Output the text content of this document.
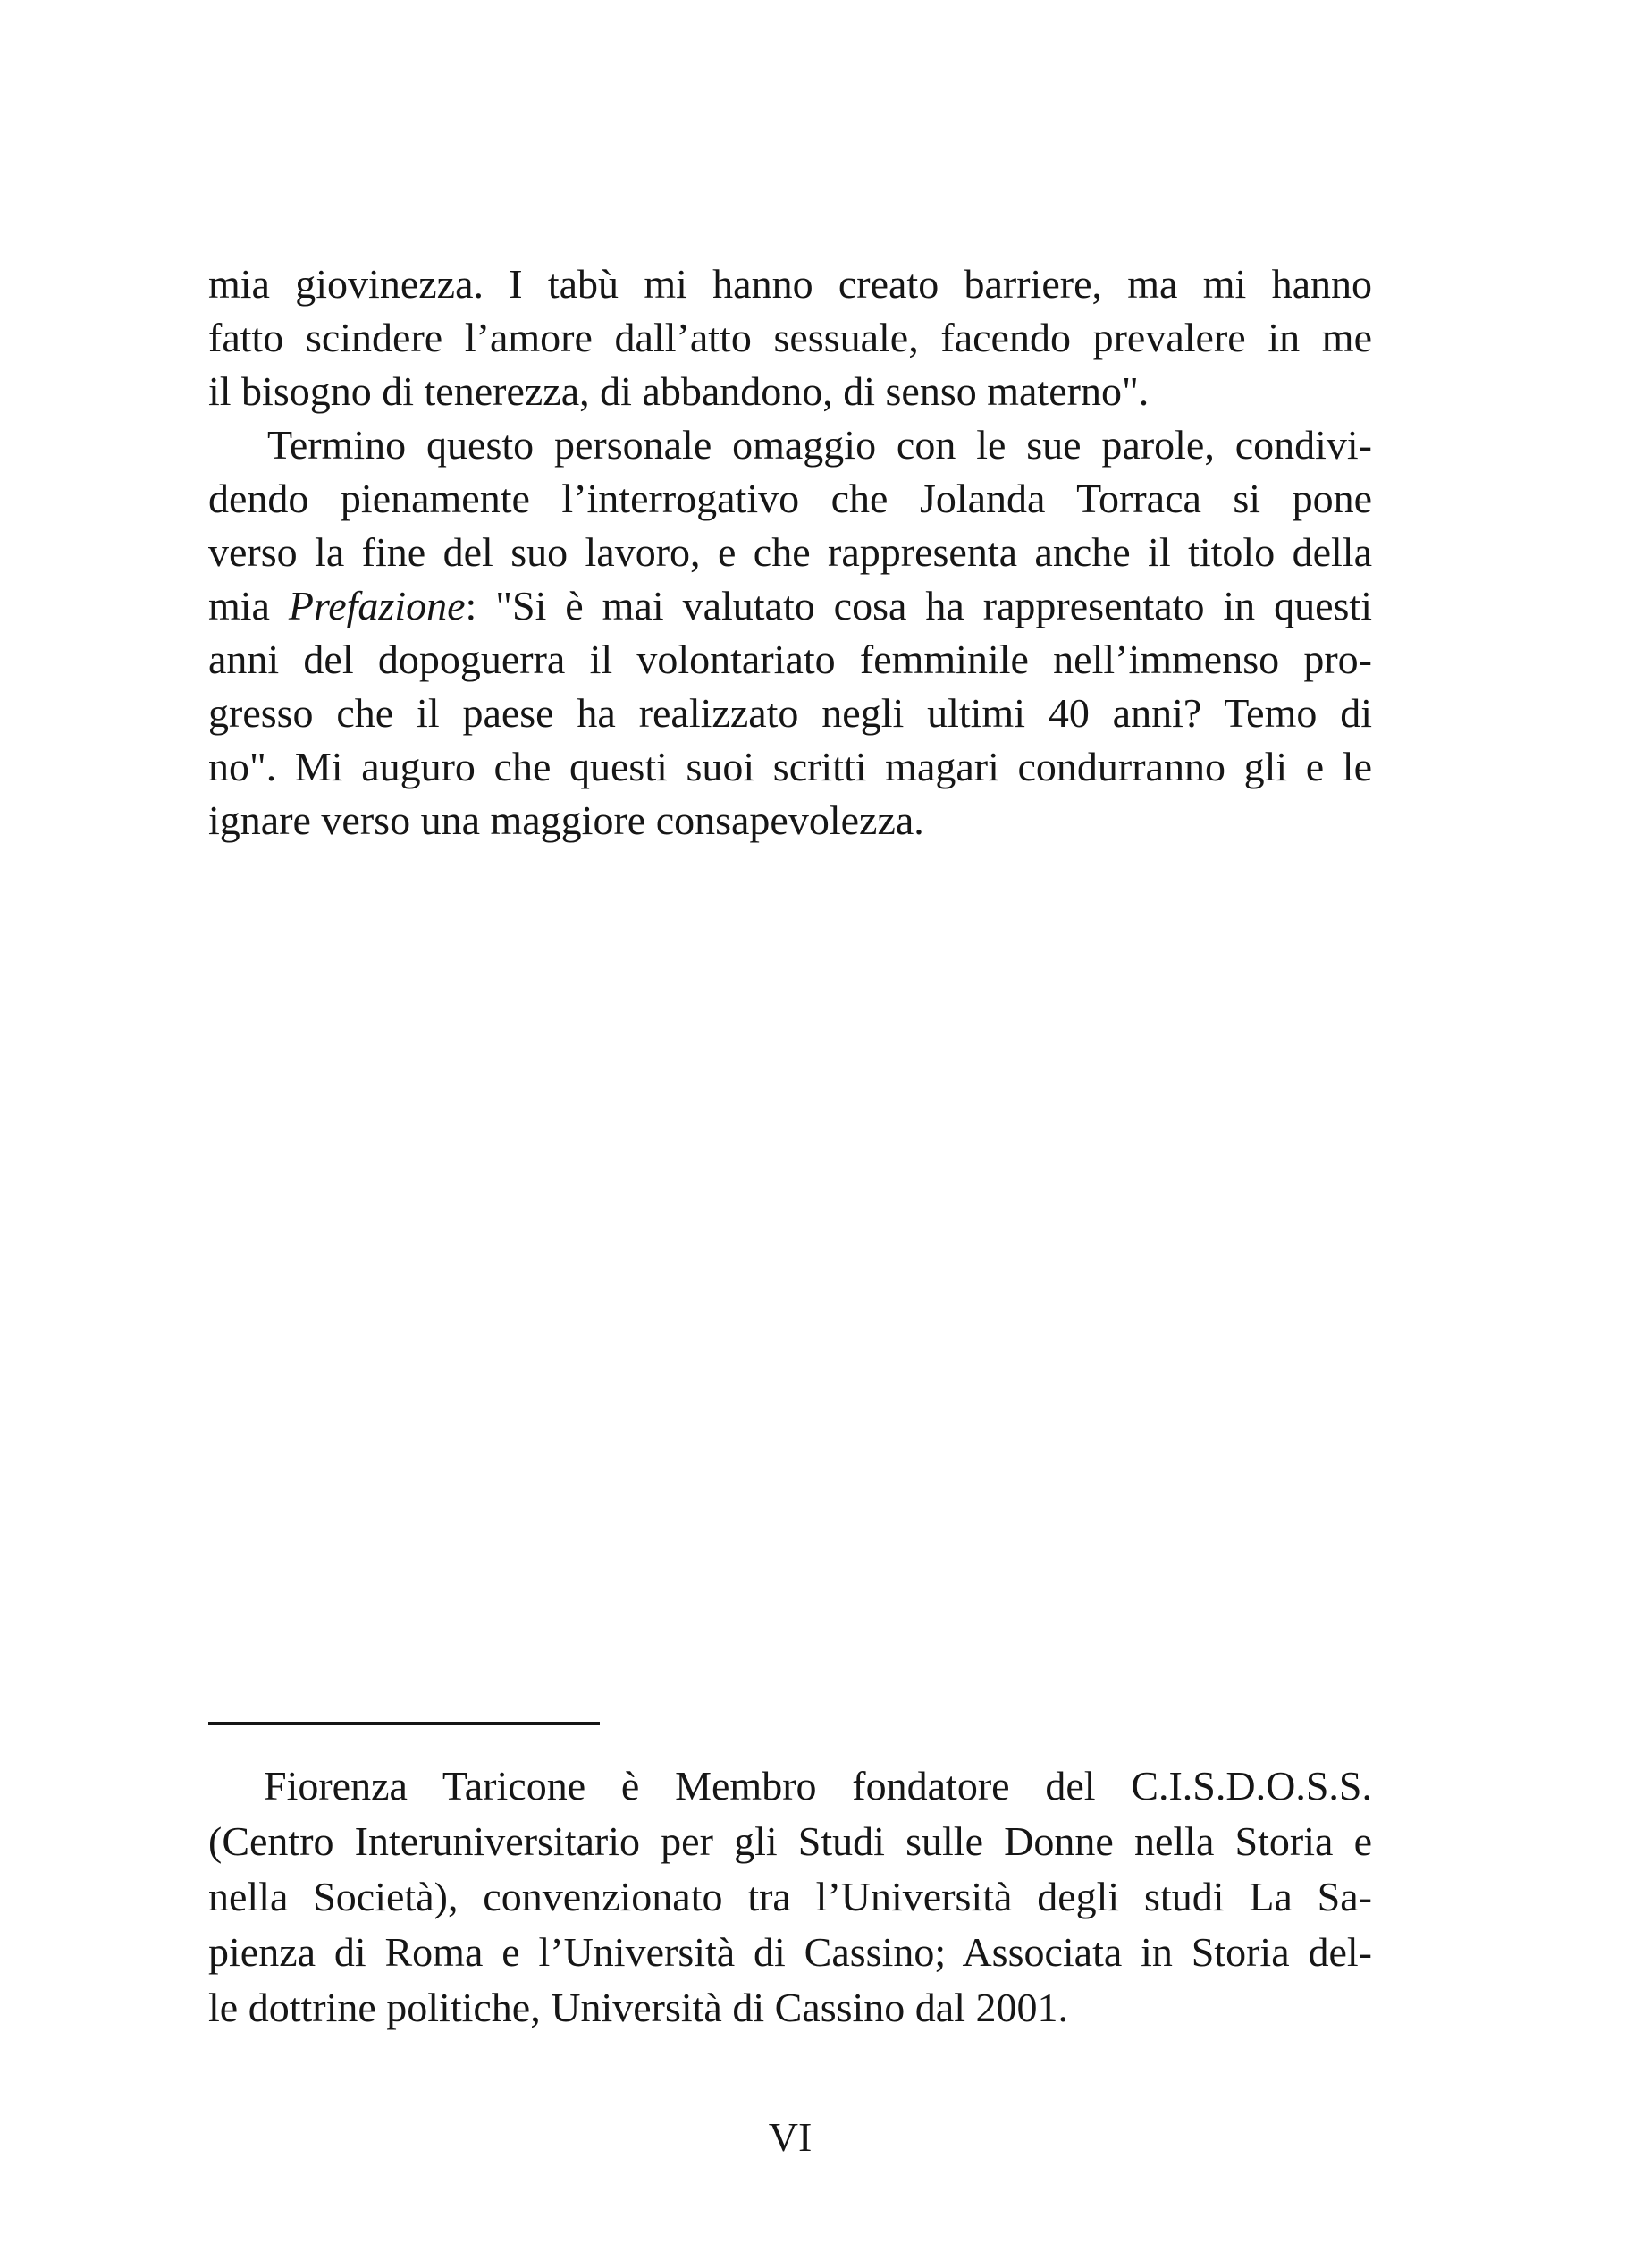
mia giovinezza. I tabù mi hanno creato barriere, ma mi hanno
fatto scindere l’amore dall’atto sessuale, facendo prevalere in me
il bisogno di tenerezza, di abbandono, di senso materno".
Termino questo personale omaggio con le sue parole, condivi-
dendo pienamente l’interrogativo che Jolanda Torraca si pone
verso la fine del suo lavoro, e che rappresenta anche il titolo della
mia Prefazione: "Si è mai valutato cosa ha rappresentato in questi
anni del dopoguerra il volontariato femminile nell’immenso pro-
gresso che il paese ha realizzato negli ultimi 40 anni? Temo di
no". Mi auguro che questi suoi scritti magari condurranno gli e le
ignare verso una maggiore consapevolezza.
Fiorenza Taricone è Membro fondatore del C.I.S.D.O.S.S.
(Centro Interuniversitario per gli Studi sulle Donne nella Storia e
nella Società), convenzionato tra l’Università degli studi La Sa-
pienza di Roma e l’Università di Cassino; Associata in Storia del-
le dottrine politiche, Università di Cassino dal 2001.
VI
